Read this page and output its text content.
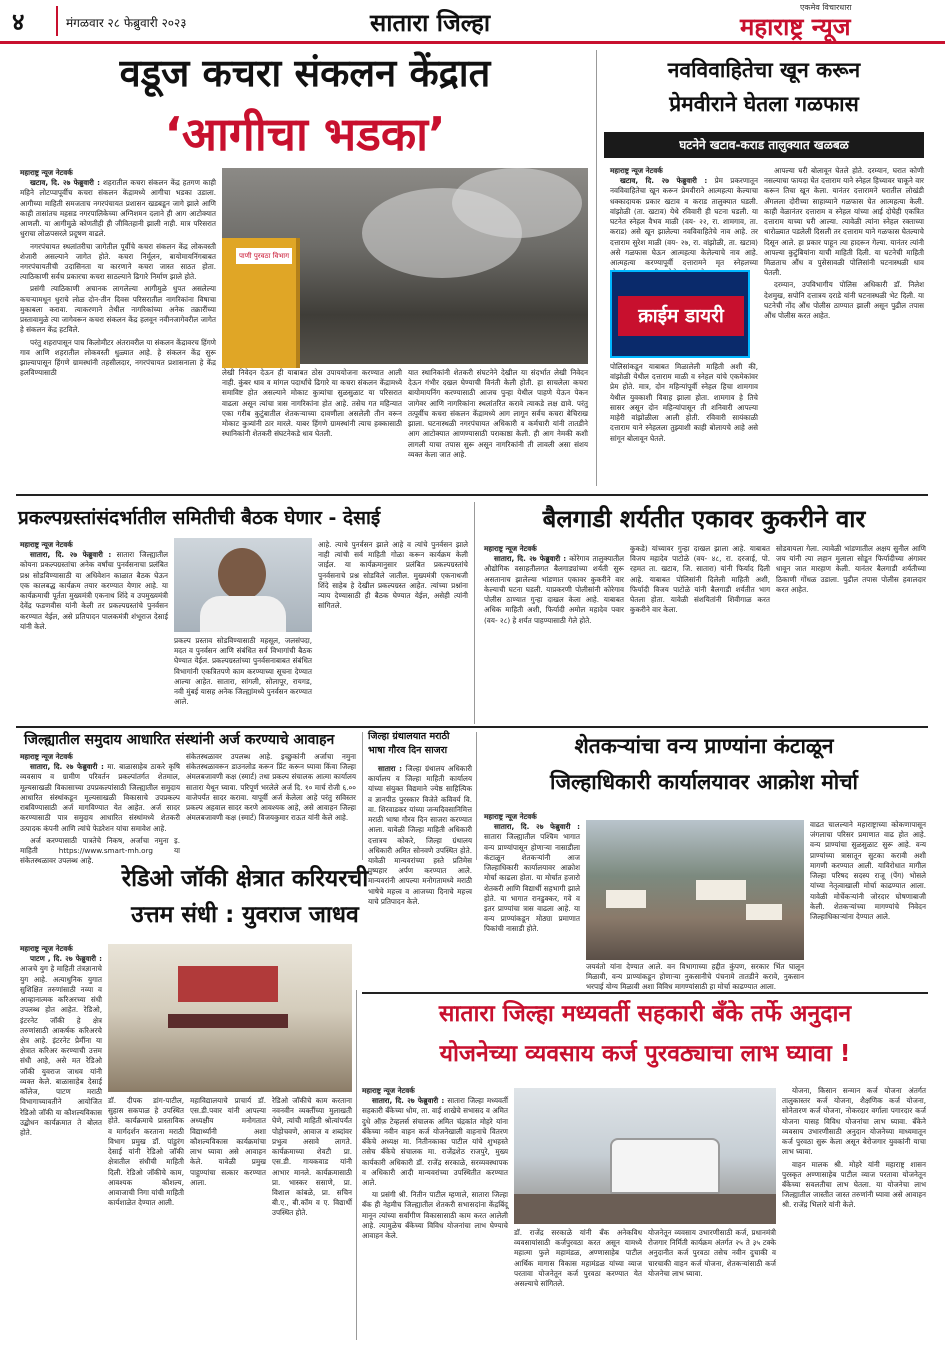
४	मंगळवार २८ फेब्रुवारी २०२३	सातारा जिल्हा
एकमेव विचारधारा
महाराष्ट्र न्यूज
वडूज कचरा संकलन केंद्रात
‘आगीचा भडका’
महाराष्ट्र न्यूज नेटवर्क

खटाव, दि. २७ फेब्रुवारी : शहरातील कचरा संकलन केंद्र हतगण काही महिने लोटप्पापूर्वीच कचरा संकलन केंद्रामध्ये आगीचा भडका उडाला. आगीच्या माहिती समजताच नगरपंचायत प्रशासन खडबडून जागे झाले आणि काही तासांतच महसड नगरपालिकेच्या अग्निशमन दलाने ही आग आटोक्यात आणली. या आगीमुळे कोणतीही ही जीवितहानी झाली नाही. मात्र परिसरात धुराचा लोळपसरले प्रदूषण वाढले.

नगरपंचायत स्थलांतरीचा जागेतील पूर्वीचे कचरा संकलन केंद्र लोकवस्ती शेजारी असल्याने जागेत होते. कचरा निर्मूलन, बायोमायनिंगबाबत नगरपंचायतीची उदासिनता या कारणाने कचरा जास्त साठत होता. त्याठिकाणी सर्वच प्रकारचा कचरा साठल्याने ढिगारे निर्माण झाले होते.

प्रसंगी त्याठिकाणी अचानक लागलेल्या आगीमुळे धुपत असलेल्या कचऱ्यामधून धुराचे लोळ दोन-तीन दिवस परिसरातील नागरिकांना विषाचा मुकाबला करावा. त्याकरणाने तेथील नागरिकांच्या अनेक तक्रारींच्या प्रस्तावामुळे त्या जागेवरून कचरा संकलन केंद्र हलवून नवीनजागेवरील जागेत हे संकलन केंद्र हटविले.

परंतु शहरापासून पाच किलोमीटर अंतरावरील या संकलन केंद्रावरच हिंगणे गाव आणि शहरातील लोकवस्ती धुळ्यात आहे. हे संकलन केंद्र सुरू झाल्यापासून हिंगणे ग्रामस्थांनी तहसीलदार, नगरपंचायत प्रशासनाला हे केंद्र हलविण्यासाठी

पाणी पुरवठा विभाग
लेखी निवेदन देऊन ही याबाबत ठोस उपाययोजना करण्यात आली नाही. कुंबर थाव व मांगल पदार्थांचे ढिगारे या कचरा संकलन केंद्रामध्ये समाविष्ट होत असल्याने मोकाट कुत्र्यांचा सुळसुळाट या परिसरात वाढला असून त्यांचा त्रास नागरिकांना होत आहे. तसेच गत महिन्यात एका गरीब कुटुंबातील शेतकऱ्याच्या दावणीला असलेली तीन वरून मोकाट कुत्र्यांनी ठार मारले. याबर हिंगणे ग्रामस्थांनी त्याच हक्कासाठी स्थानिकांनी शेतकरी संघटनेकडे धाव घेतली.
यात स्थानिकांनी शेतकरी संघटनेने देखील या संदर्भात लेखी निवेदन देऊन गंभीर दखल घेण्याची विनंती केली होती. हा साचलेला कचरा बायोमायनिंग करण्यासाठी आजच पुन्हा येथील पाहणे येऊन पेकन जागेवर आणि नागरिकांना स्थलांतरित करावे त्याकडे लक्ष द्यावे. परंतु तत्पूर्वीच कचरा संकलन केंद्रामध्ये आग लागून सर्वच कचरा बेचिराख झाला. घटनास्थळी नगरपंचायत अधिकारी व कर्मचारी यांनी तातडीने आग आटोक्यात आणण्यासाठी पराकाष्ठा केली. ही आग नेमकी कशी लागली याचा तपास सुरू असून नागरिकांनी ती लावली असा संशय व्यक्त केला जात आहे.
नवविवाहितेचा खून करून
प्रेमवीराने घेतला गळफास
घटनेने खटाव-कराड तालुक्यात खळबळ
महाराष्ट्र न्यूज नेटवर्क

खटाव, दि. २७ फेब्रुवारी : प्रेम प्रकरणातून नवविवाहितेचा खून करून प्रेमवीराने आत्महत्या केल्याचा धक्कादायक प्रकार खटाव व कराड तालुक्यात घडली. वांझोळी (ता. खटाव) येथे रविवारी ही घटना घडली. या घटनेत स्नेहल वैभव माळी (वय- २२, रा. शामगाव, ता. कराड) असे खून झालेल्या नवविवाहितेचे नाव आहे. तर दत्ताराम सुरेश माळी (वय- २७, रा. वांझोळी, ता. खटाव) असे गळफास घेऊन आत्महत्या केलेल्याचे नाव आहे. आत्महत्या करण्यापूर्वी दत्तारामने मृत स्नेहलच्या

क्राईम डायरी
पोलिसांकडून याबाबत मिळालेली माहिती अशी की, वांझोळी येथील दत्ताराम माळी व स्नेहल यांचे एकमेकांवर प्रेम होते. मात्र, दोन महिन्यांपूर्वी स्नेहल हिचा शामगाव येथील युवकाशी विवाह झाला होता. शामगाव हे तिचे सासर असून दोन महिन्यांपासून ती शनिवारी आपल्या माहेरी वांझोळीला आली होती. रविवारी सायंकाळी दत्ताराम याने स्नेहलला तुझ्याशी काही बोलायचे आहे असे सांगून बोलावून घेतले.

आपल्या घरी बोलावून घेतले होते. दरम्यान, घरात कोणी नसल्याचा फायदा घेत दत्ताराम याने स्नेहल हिच्यावर चाकूने वार करून तिचा खून केला. यानंतर दत्तारामने घरातील लोखंडी अँगलला दोरीच्या साहाय्याने गळफास घेत आत्महत्या केली. काही वेळानंतर दत्ताराम व स्नेहल यांच्या आई दोघेही एकत्रित दत्ताराम याच्या घरी आल्या. त्यावेळी त्यांना स्नेहल रक्ताच्या थारोळ्यात पडलेली दिसली तर दत्ताराम याने गळफास घेतल्याचे दिसून आले. हा प्रकार पाहून त्या हादरून गेल्या. यानंतर त्यांनी आपल्या कुटुंबियांना याची माहिती दिली. या घटनेची माहिती मिळताच औंध व पुसेसावळी पोलिसांनी घटनास्थळी धाव घेतली.

दरम्यान, उपविभागीय पोलिस अधिकारी डॉ. निलेश देशमुख, सपोनि दत्तात्रय दराडे यांनी घटनास्थळी भेट दिली. या घटनेची नोंद औंध पोलीस ठाण्यात झाली असून पुढील तपास औंध पोलीस करत आहेत.

प्रकल्पग्रस्तांसंदर्भातील समितीची बैठक घेणार - देसाई
महाराष्ट्र न्यूज नेटवर्क

सातारा, दि. २७ फेब्रुवारी : सातारा जिल्ह्यातील कोयना प्रकल्पग्रस्तांचा अनेक वर्षांचा पुनर्वसनाचा प्रलंबित प्रश्न सोडविण्यासाठी या अधिवेशन काळात बैठक घेऊन एक कालबद्ध कार्यक्रम तयार करण्यात येणार आहे. या कार्यक्रमाची पूर्तता मुख्यमंत्री एकनाथ शिंदे व उपमुख्यमंत्री देवेंद्र फडणवीस यांनी केली तर प्रकल्पग्रस्तांचे पुनर्वसन करण्यात येईल, असे प्रतिपादन पालकमंत्री शंभूराज देसाई यांनी केले.

प्रकल्प प्रस्ताव सोडविण्यासाठी महसूल, जलसंपदा, मदत व पुनर्वसन आणि संबंधित सर्व विभागांची बैठक घेण्यात येईल. प्रकल्पग्रस्तांच्या पुनर्वसनाबाबत संबंधित विभागांनी एकत्रितपणे काम करण्याच्या सूचना देण्यात आल्या आहेत. सातारा, सांगली, सोलापूर, रायगड, नवी मुंबई यासह अनेक जिल्ह्यांमध्ये पुनर्वसन करण्यात आले.
आहे. त्याचे पुनर्वसन झाले आहे व त्यांचे पुनर्वसन झाले नाही त्यांची सर्व माहिती गोळा करून कार्यक्रम केली जाईल. या कार्यक्रमानुसार प्रलंबित प्रकल्पग्रस्तांचे पुनर्वसनाचे प्रश्न सोडविले जातील. मुख्यमंत्री एकनाथजी शिंदे साहेब हे देखील प्रकल्पग्रस्त आहेत. त्यांच्या प्रश्नांना न्याय देण्यासाठी ही बैठक घेण्यात येईल, असेही त्यांनी सांगितले.
बैलगाडी शर्यतीत एकावर कुकरीने वार
महाराष्ट्र न्यूज नेटवर्क

सातारा, दि. २७ फेब्रुवारी : कोरेगाव तालुक्यातील औद्योगिक वसाहतीलगत बैलगाड्यांच्या शर्यती सुरू असतानाच झालेल्या भांडणात एकावर कुकरीने वार केल्याची घटना घडली. याप्रकरणी पोलीसांनी कोरेगाव पोलीस ठाण्यात गुन्हा दाखल केला आहे. याबाबत अधिक माहिती अशी, फिर्यादी अमोल महादेव पवार (वय- २८) हे शर्यत पाहण्यासाठी गेले होते.

कुकडे) यांच्यावर गुन्हा दाखल झाला आहे. याबाबत विजय महादेव पाटोळे (वय- ४८, रा. दरजाई, पो. रहमत ता. खटाव, जि. सातारा) यांनी फिर्याद दिली आहे. याबाबत पोलिसांनी दिलेली माहिती अशी, फिर्यादी विजय पाटोळे यांनी बैलगाडी शर्यतीत भाग घेतला होता. यावेळी संशयितांनी शिवीगाळ करत कुकरीने वार केला.
सोडवायला गेला. त्यावेळी भांडणातील अक्षय सुनील आणि जय यांनी त्या लहान मुलाला सोडून फिर्यादीच्या अंगावर धावून जात मारहाण केली. यानंतर बैलगाडी शर्यतीच्या ठिकाणी गोंधळ उडाला. पुढील तपास पोलीस हवालदार करत आहेत.
जिल्ह्यातील समुदाय आधारित संस्थांनी अर्ज करण्याचे आवाहन
महाराष्ट्र न्यूज नेटवर्क

सातारा, दि. २७ फेब्रुवारी : मा. बाळासाहेब ठाकरे कृषि व्यवसाय व ग्रामीण परिवर्तन प्रकल्पांतर्गत शेतमाल, मूल्यसाखळी विकासाच्या उपप्रकल्पांसाठी जिल्ह्यातील समुदाय आधारित संस्थांकडून मूल्यसाखळी विकासाचे उपप्रकल्प राबविण्यासाठी अर्ज मागविण्यात येत आहेत. अर्ज सादर करण्यासाठी पात्र समुदाय आधारित संस्थांमध्ये शेतकरी उत्पादक कंपनी आणि त्यांचे फेडरेशन यांचा समावेश आहे.

अर्ज करण्यासाठी पात्रतेचे निकष, अर्जाचा नमुना इ. माहिती https://www.smart-mh.org या संकेतस्थळावर उपलब्ध आहे.

संकेतस्थळावर उपलब्ध आहे. इच्छुकांनी अर्जाचा नमुना संकेतस्थळावरून डाउनलोड करून प्रिंट करून घ्यावा किंवा जिल्हा अंमलबजावणी कक्ष (स्मार्ट) तथा प्रकल्प संचालक आत्मा कार्यालय सातारा येथून घ्यावा. परिपूर्ण भरलेले अर्ज दि. १० मार्च रोजी ६.०० वाजेपर्यंत सादर करावा. यापूर्वी अर्ज केलेला आहे परंतु सविस्तर प्रकल्प अहवाल सादर करणे आवश्यक आहे, असे आवाहन जिल्हा अंमलबजावणी कक्ष (स्मार्ट) विजयकुमार राऊत यांनी केले आहे.
जिल्हा ग्रंथालयात मराठी
भाषा गौरव दिन साजरा

सातारा : जिल्हा ग्रंथालय अधिकारी कार्यालय व जिल्हा माहिती कार्यालय यांच्या संयुक्त विद्यमाने ज्येष्ठ साहित्यिक व ज्ञानपीठ पुरस्कार विजेते कविवर्य वि. वा. शिरवाडकर यांच्या जन्मदिवसानिमित्त मराठी भाषा गौरव दिन साजरा करण्यात आला. यावेळी जिल्हा माहिती अधिकारी दत्तात्रय कोकरे, जिल्हा ग्रंथालय अधिकारी अमित सोनवणे उपस्थित होते. यावेळी मान्यवरांच्या हस्ते प्रतिमेस पुष्पहार अर्पण करण्यात आले. मान्यवरांनी आपल्या मनोगतामध्ये मराठी भाषेचे महत्त्व व आजच्या दिनाचे महत्त्व याचे प्रतिपादन केले.

शेतकऱ्यांचा वन्य प्राण्यांना कंटाळून
जिल्हाधिकारी कार्यालयावर आक्रोश मोर्चा
महाराष्ट्र न्यूज नेटवर्क

सातारा, दि. २७ फेब्रुवारी : सातारा जिल्ह्यातील पश्चिम भागात वन्य प्राण्यांपासून होणाऱ्या नासाडीला कंटाळून शेतकऱ्यांनी आज जिल्हाधिकारी कार्यालयावर आक्रोश मोर्चा काढला होता. या मोर्चात हजारो शेतकरी आणि विद्यार्थी सहभागी झाले होते. या भागात रानडुक्कर, गवे व इतर प्राण्यांचा त्रास वाढला आहे. या वन्य प्राण्यांकडून मोठ्या प्रमाणात पिकांची नासाडी होते.

जयवंतो यांना देण्यात आले. वन विभागाच्या हद्दीत कुंपण, सरकार भिंत घालून मिळावी, वन्य प्राण्यांकडून होणाऱ्या नुकसानीचे पंचनामे तातडीने करावे, नुकसान भरपाई योग्य मिळावी अशा विविध मागण्यांसाठी हा मोर्चा काढण्यात आला.
वाढत चालल्याने महाराष्ट्राच्या कोकणापासून जंगलाचा परिसर प्रमाणात वाढ होत आहे. वन्य प्राण्यांचा सुळसुळाट सुरू आहे. वन्य प्राण्यांच्या त्रासातून सुटका करावी अशी मागणी करण्यात आली. याविरोधात मागील जिल्हा परिषद सदस्य राजू (पेंग) भोसले यांच्या नेतृत्वाखाली मोर्चा काढण्यात आला. यावेळी मोर्चेकऱ्यांनी जोरदार घोषणाबाजी केली. शेतकऱ्यांच्या मागण्यांचे निवेदन जिल्हाधिकाऱ्यांना देण्यात आले.
रेडिओ जॉकी क्षेत्रात करियरची
उत्तम संधी : युवराज जाधव
महाराष्ट्र न्यूज नेटवर्क

पाटण , दि. २७ फेब्रुवारी : आजचे युग हे माहिती तंत्रज्ञानाचे युग आहे. अत्याधुनिक युगात सुशिक्षित तरुणांसाठी नव्या व आव्हानात्मक करिअरच्या संधी उपलब्ध होत आहेत. रेडिओ, इंटरनेट जॉकी हे क्षेत्र तरुणांसाठी आकर्षक करिअरचे क्षेत्र आहे. इंटरनेट प्रेमींना या क्षेत्रात करिअर करण्याची उत्तम संधी आहे, असे मत रेडिओ जॉकी युवराज जाधव यांनी व्यक्त केले. बाळासाहेब देसाई कॉलेज, पाटण मराठी विभागाच्यावतीने आयोजित रेडिओ जॉकी या कौशल्यविकास उद्बोधन कार्यक्रमात ते बोलत होते.

डॉ. दीपक डांग-पाटील, सुहास सकपाळ हे उपस्थित होते. कार्यक्रमाचे प्रास्ताविक व मार्गदर्शन करताना मराठी विभाग प्रमुख डॉ. पांडुरंग देसाई यांनी रेडिओ जॉकी क्षेत्रातील संधीची माहिती दिली. रेडिओ जॉकीचे काम, आवश्यक कौशल्य, आवाजाची निगा यांची माहिती कार्यशाळेत देण्यात आली.
महाविद्यालयाचे प्राचार्य डॉ. एस.डी.पवार यांनी आपल्या अध्यक्षीय मनोगतात विद्यार्थ्यांनी अशा कौशल्यविकास कार्यक्रमांचा लाभ घ्यावा असे आवाहन केले. यावेळी प्रमुख पाहुण्यांचा सत्कार करण्यात आला.
रेडिओ जॉकीचे काम करताना नवनवीन व्यक्तींच्या मुलाखती घेणे, त्यांची माहिती श्रोत्यांपर्यंत पोहोचवणे, आवाज व शब्दांवर प्रभुत्व असावे लागते. कार्यक्रमाच्या शेवटी प्रा. एस.डी. गायकवाड यांनी आभार मानले. कार्यक्रमासाठी प्रा. भास्कर ससाणे, प्रा. विशाल कांबळे, प्रा. सचिन बी.ए., बी.कॉम व ए. विद्यार्थी उपस्थित होते.
सातारा जिल्हा मध्यवर्ती सहकारी बँके तर्फे अनुदान
योजनेच्या व्यवसाय कर्ज पुरवठ्याचा लाभ घ्यावा !
महाराष्ट्र न्यूज नेटवर्क

सातारा, दि. २७ फेब्रुवारी : सातारा जिल्हा मध्यवर्ती सहकारी बँकेच्या धोम, ता. वाई शाखेचे सभासद व अमित दुधे ऑफ़ टेव्हलर्स संचालक अमित चंद्रकांत मोहरे यांना बँकेच्या नवीन वाहन कर्ज योजनेखाली वाहनाचे वितरण बँकेचे अध्यक्ष मा. नितीनकाका पाटील यांचे शुभहस्ते तसेच बँकेचे संचालक मा. राजेंद्रशेठ राजपुरे, मुख्य कार्यकारी अधिकारी डॉ. राजेंद्र सरकाळे, सरव्यवस्थापक व अधिकारी आदी मान्यवरांच्या उपस्थितीत करण्यात आले.

या प्रसंगी श्री. नितीन पाटील म्हणाले, सातारा जिल्हा बँक ही नेहमीच जिल्ह्यातील शेतकरी सभासदांना केंद्रबिंदू मानून त्यांच्या सर्वांगीण विकासासाठी काम करत आलेली आहे. त्यामुळेच बँकेच्या विविध योजनांचा लाभ घेण्याचे आवाहन केले.	डॉ. राजेंद्र सरकाळे यांनी बँक अनेकविध व्यवसायांसाठी कर्जपुरवठा करत असून यामध्ये महात्मा फुले महामंडळ, अण्णासाहेब पाटील आर्थिक मागास विकास महामंडळ यांच्या व्याज परतावा योजनेतून कर्ज पुरवठा करण्यात येत असल्याचे सांगितले.
योजनेतून व्यवसाय उभारणीसाठी कर्ज, प्रधानमंत्री रोजगार निर्मिती कार्यक्रम अंतर्गत २५ ते ३५ टक्के अनुदानीत कर्ज पुरवठा तसेच नवीन दुचाकी व चारचाकी वाहन कर्ज योजना, शेतकऱ्यांसाठी कर्ज योजनेचा लाभ घ्यावा.

योजना, किसान सन्मान कर्ज योजना अंतर्गत तालुकास्तर कर्ज योजना, शैक्षणिक कर्ज योजना, सोनेतारण कर्ज योजना, नोकरदार वर्गाला पगारदार कर्ज योजना यासह विविध योजनांचा लाभ घ्यावा. बँकेने व्यवसाय उभारणीसाठी अनुदान योजनेच्या माध्यमातून कर्ज पुरवठा सुरू केला असून बेरोजगार युवकांनी याचा लाभ घ्यावा.

वाहन मालक श्री. मोहरे यांनी महाराष्ट्र शासन पुरस्कृत अण्णासाहेब पाटील व्याज परतावा योजनेतून बँकेच्या सवलतीचा लाभ घेतला. या योजनेचा लाभ जिल्ह्यातील जास्तीत जास्त तरुणांनी घ्यावा असे आवाहन श्री. राजेंद्र भिलारे यांनी केले.
